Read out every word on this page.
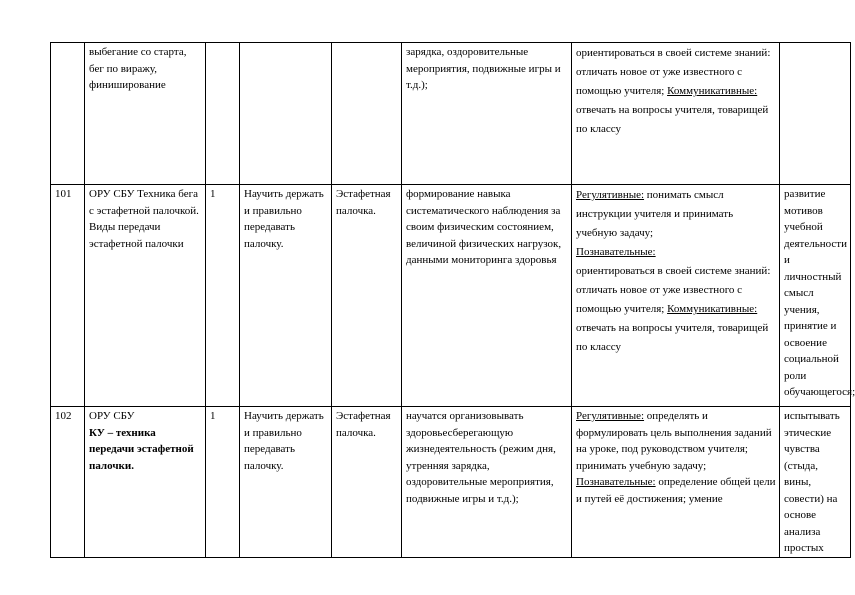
	выбегание со старта, бег по виражу, финиширование				зарядка, оздоровительные мероприятия, подвижные игры и т.д.);	ориентироваться в своей системе знаний: отличать новое от уже известного с помощью учителя; Коммуникативные:
отвечать на вопросы учителя, товарищей по классу	
101	ОРУ СБУ Техника бега с эстафетной палочкой. Виды передачи эстафетной палочки	1	Научить держать и правильно передавать палочку.	Эстафетная палочка.	формирование навыка систематического наблюдения за своим физическим состоянием, величиной физических нагрузок, данными мониторинга здоровья	Регулятивные: понимать смысл инструкции учителя и принимать учебную задачу;
Познавательные:
ориентироваться в своей системе знаний: отличать новое от уже известного с помощью учителя; Коммуникативные:
отвечать на вопросы учителя, товарищей по классу	развитие мотивов учебной деятельности и личностный смысл учения, принятие и освоение социальной роли обучающегося;
102	ОРУ СБУ
КУ – техника передачи эстафетной палочки.	1	Научить держать и правильно передавать палочку.	Эстафетная палочка.	научатся организовывать здоровьесберегающую жизнедеятельность (режим дня, утренняя зарядка, оздоровительные мероприятия, подвижные игры и т.д.);	Регулятивные: определять и формулировать цель выполнения заданий на уроке, под руководством учителя; принимать учебную задачу;
Познавательные: определение общей цели и путей её достижения; умение	испытывать этические чувства (стыда, вины, совести) на основе анализа простых
